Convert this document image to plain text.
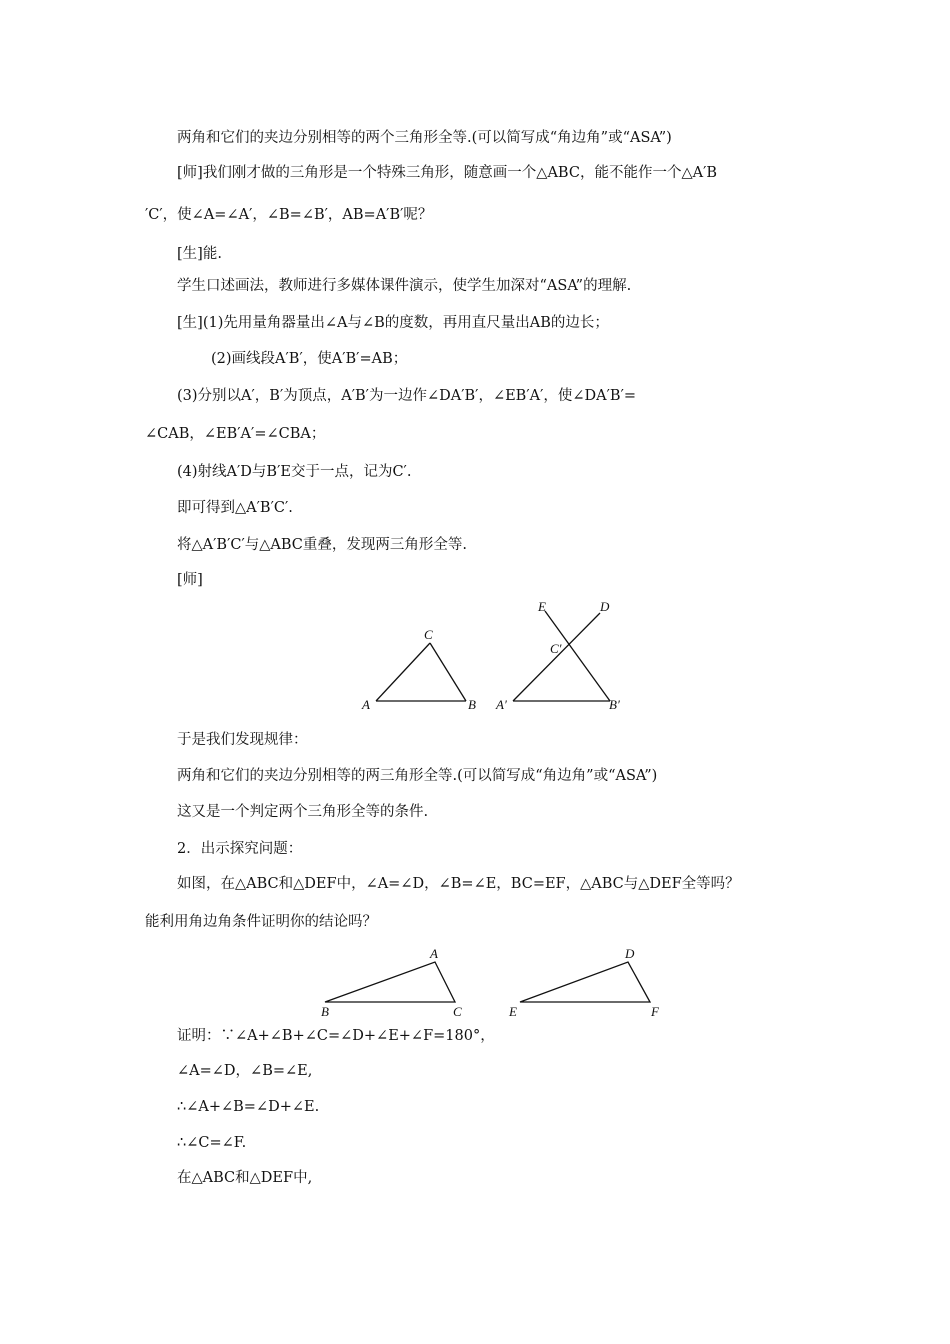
两角和它们的夹边分别相等的两个三角形全等.(可以简写成“角边角”或“ASA”)
[师]我们刚才做的三角形是一个特殊三角形，随意画一个△ABC，能不能作一个△A′B
′C′，使∠A=∠A′，∠B=∠B′，AB=A′B′呢？
[生]能.
学生口述画法，教师进行多媒体课件演示，使学生加深对“ASA”的理解.
[生](1)先用量角器量出∠A与∠B的度数，再用直尺量出AB的边长；
(2)画线段A′B′，使A′B′=AB；
(3)分别以A′，B′为顶点，A′B′为一边作∠DA′B′，∠EB′A′，使∠DA′B′=
∠CAB，∠EB′A′=∠CBA；
(4)射线A′D与B′E交于一点，记为C′.
即可得到△A′B′C′.
将△A′B′C′与△ABC重叠，发现两三角形全等.
[师]
A	B
C
A′	B′
C′
D
E
于是我们发现规律：
两角和它们的夹边分别相等的两三角形全等.(可以简写成“角边角”或“ASA”)
这又是一个判定两个三角形全等的条件.
2．出示探究问题：
如图，在△ABC和△DEF中，∠A=∠D，∠B=∠E，BC=EF，△ABC与△DEF全等吗？
能利用角边角条件证明你的结论吗？
A
B	C
D
E	F
证明：∵∠A+∠B+∠C=∠D+∠E+∠F=180°，
∠A=∠D，∠B=∠E,
∴∠A+∠B=∠D+∠E.
∴∠C=∠F.
在△ABC和△DEF中,
